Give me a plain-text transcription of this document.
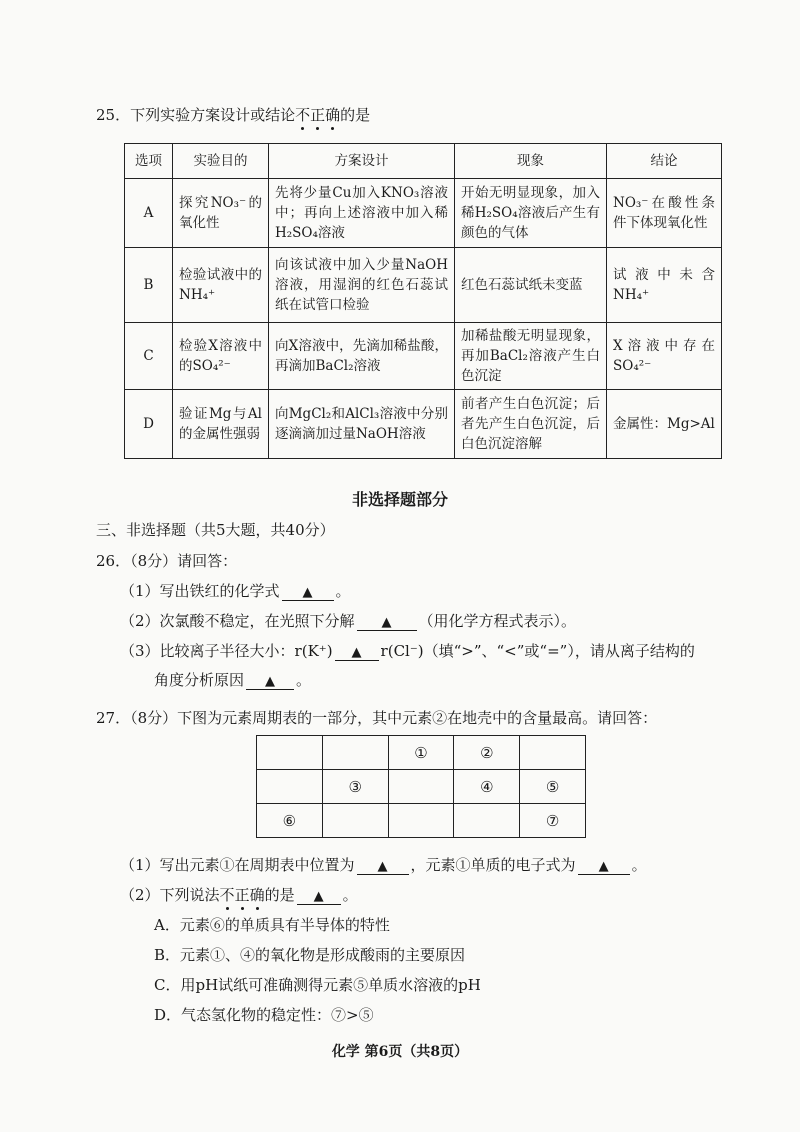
25．下列实验方案设计或结论不正确的是
选项	实验目的	方案设计	现象	结论
A	探究NO₃⁻的氧化性	先将少量Cu加入KNO₃溶液中；再向上述溶液中加入稀H₂SO₄溶液	开始无明显现象，加入稀H₂SO₄溶液后产生有颜色的气体	NO₃⁻在酸性条件下体现氧化性
B	检验试液中的NH₄⁺	向该试液中加入少量NaOH溶液，用湿润的红色石蕊试纸在试管口检验	红色石蕊试纸未变蓝	试液中未含NH₄⁺
C	检验X溶液中的SO₄²⁻	向X溶液中，先滴加稀盐酸，再滴加BaCl₂溶液	加稀盐酸无明显现象，再加BaCl₂溶液产生白色沉淀	X溶液中存在SO₄²⁻
D	验证Mg与Al的金属性强弱	向MgCl₂和AlCl₃溶液中分别逐滴滴加过量NaOH溶液	前者产生白色沉淀；后者先产生白色沉淀，后白色沉淀溶解	金属性：Mg>Al
非选择题部分
三、非选择题（共5大题，共40分）
26．（8分）请回答：
（1）写出铁红的化学式 ▲ 。
（2）次氯酸不稳定，在光照下分解 ▲ （用化学方程式表示）。
（3）比较离子半径大小：r(K⁺) ▲ r(Cl⁻)（填“>”、“<”或“=”），请从离子结构的
角度分析原因 ▲ 。
27．（8分）下图为元素周期表的一部分，其中元素②在地壳中的含量最高。请回答：
		①	②	
	③		④	⑤
⑥				⑦
（1）写出元素①在周期表中位置为 ▲ ，元素①单质的电子式为 ▲ 。
（2）下列说法不正确的是 ▲ 。
A．元素⑥的单质具有半导体的特性
B．元素①、④的氧化物是形成酸雨的主要原因
C．用pH试纸可准确测得元素⑤单质水溶液的pH
D．气态氢化物的稳定性：⑦>⑤
化学 第6页（共8页）
